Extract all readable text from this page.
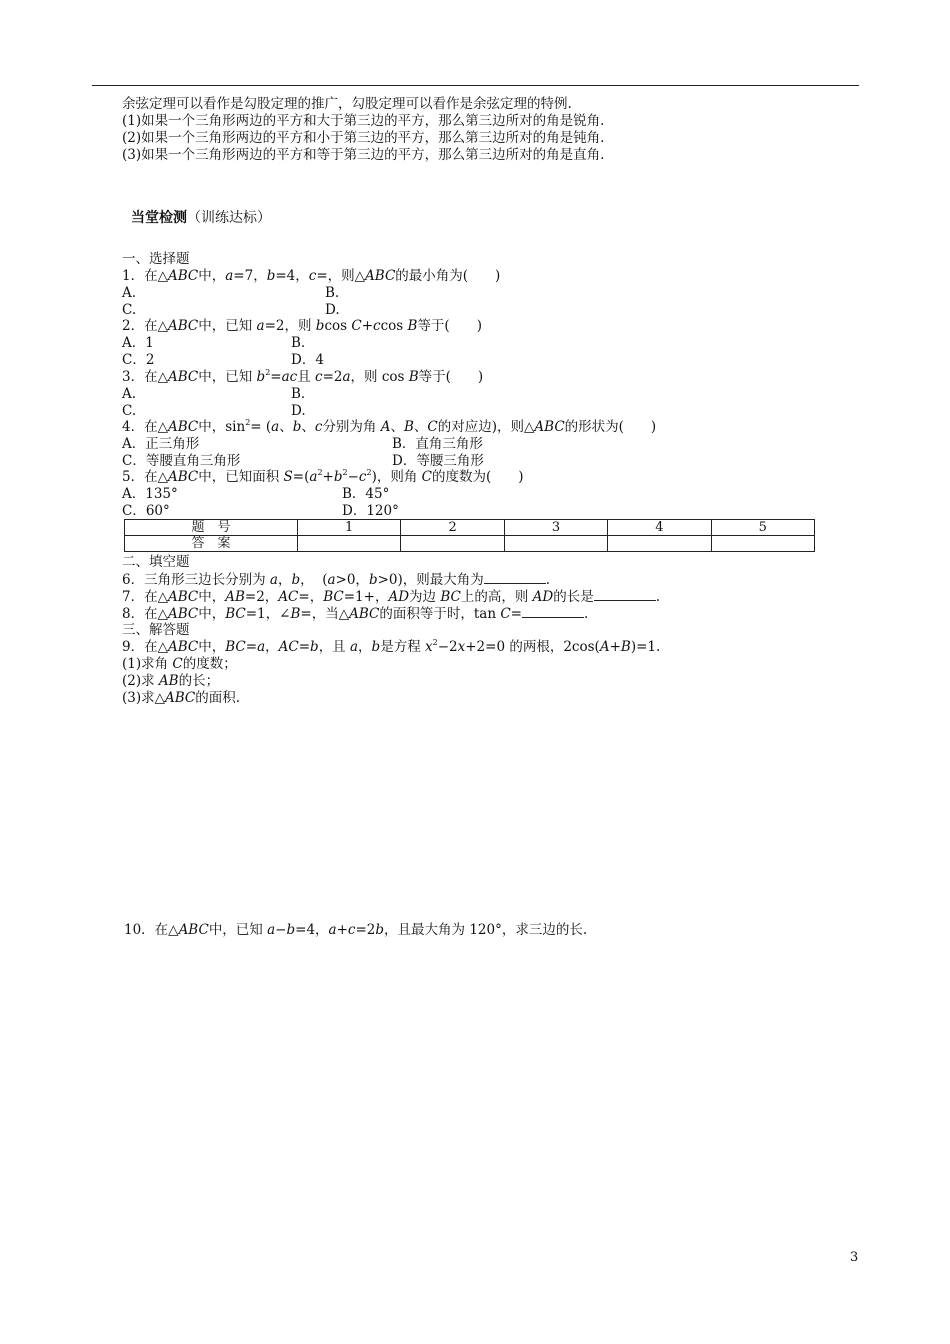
余弦定理可以看作是勾股定理的推广，勾股定理可以看作是余弦定理的特例.
(1)如果一个三角形两边的平方和大于第三边的平方，那么第三边所对的角是锐角.
(2)如果一个三角形两边的平方和小于第三边的平方，那么第三边所对的角是钝角.
(3)如果一个三角形两边的平方和等于第三边的平方，那么第三边所对的角是直角.
当堂检测（训练达标）
一、选择题
1．在△ABC中，a=7，b=4，c=，则△ABC的最小角为(　　)
A.	B.
C.	D.
2．在△ABC中，已知 a=2，则 bcos C+ccos B等于(　　)
A．1	B.
C．2	D．4
3．在△ABC中，已知 $b^2=ac$且 c=2a，则 cos B等于(　　)
A.	B.
C.	D.
4．在△ABC中，$\sin^2= (a$、b、c分别为角 A、B、C的对应边)，则△ABC的形状为(　　)
A．正三角形	B．直角三角形
C．等腰直角三角形	D．等腰三角形
5．在△ABC中，已知面积 $S=(a^2+b^2-c^2)$，则角 C的度数为(　　)
A．135°	B．45°
C．60°	D．120°
题　号	1	2	3	4	5
答　案					
二、填空题
6．三角形三边长分别为 a，b，  (a>0，b>0)，则最大角为	.
7．在△ABC中，AB=2，AC=，BC=1+，AD为边 BC上的高，则 AD的长是	.
8．在△ABC中，BC=1，∠B=，当△ABC的面积等于时，tan C=	.
三、解答题
9．在△ABC中，BC=a，AC=b，且 a，b是方程 $x^2-2x+2=0$ 的两根，2cos(A+B)=1.
(1)求角 C的度数；
(2)求 AB的长；
(3)求△ABC的面积.
10．在△ABC中，已知 a−b=4，a+c=2b，且最大角为 120°，求三边的长.
3
